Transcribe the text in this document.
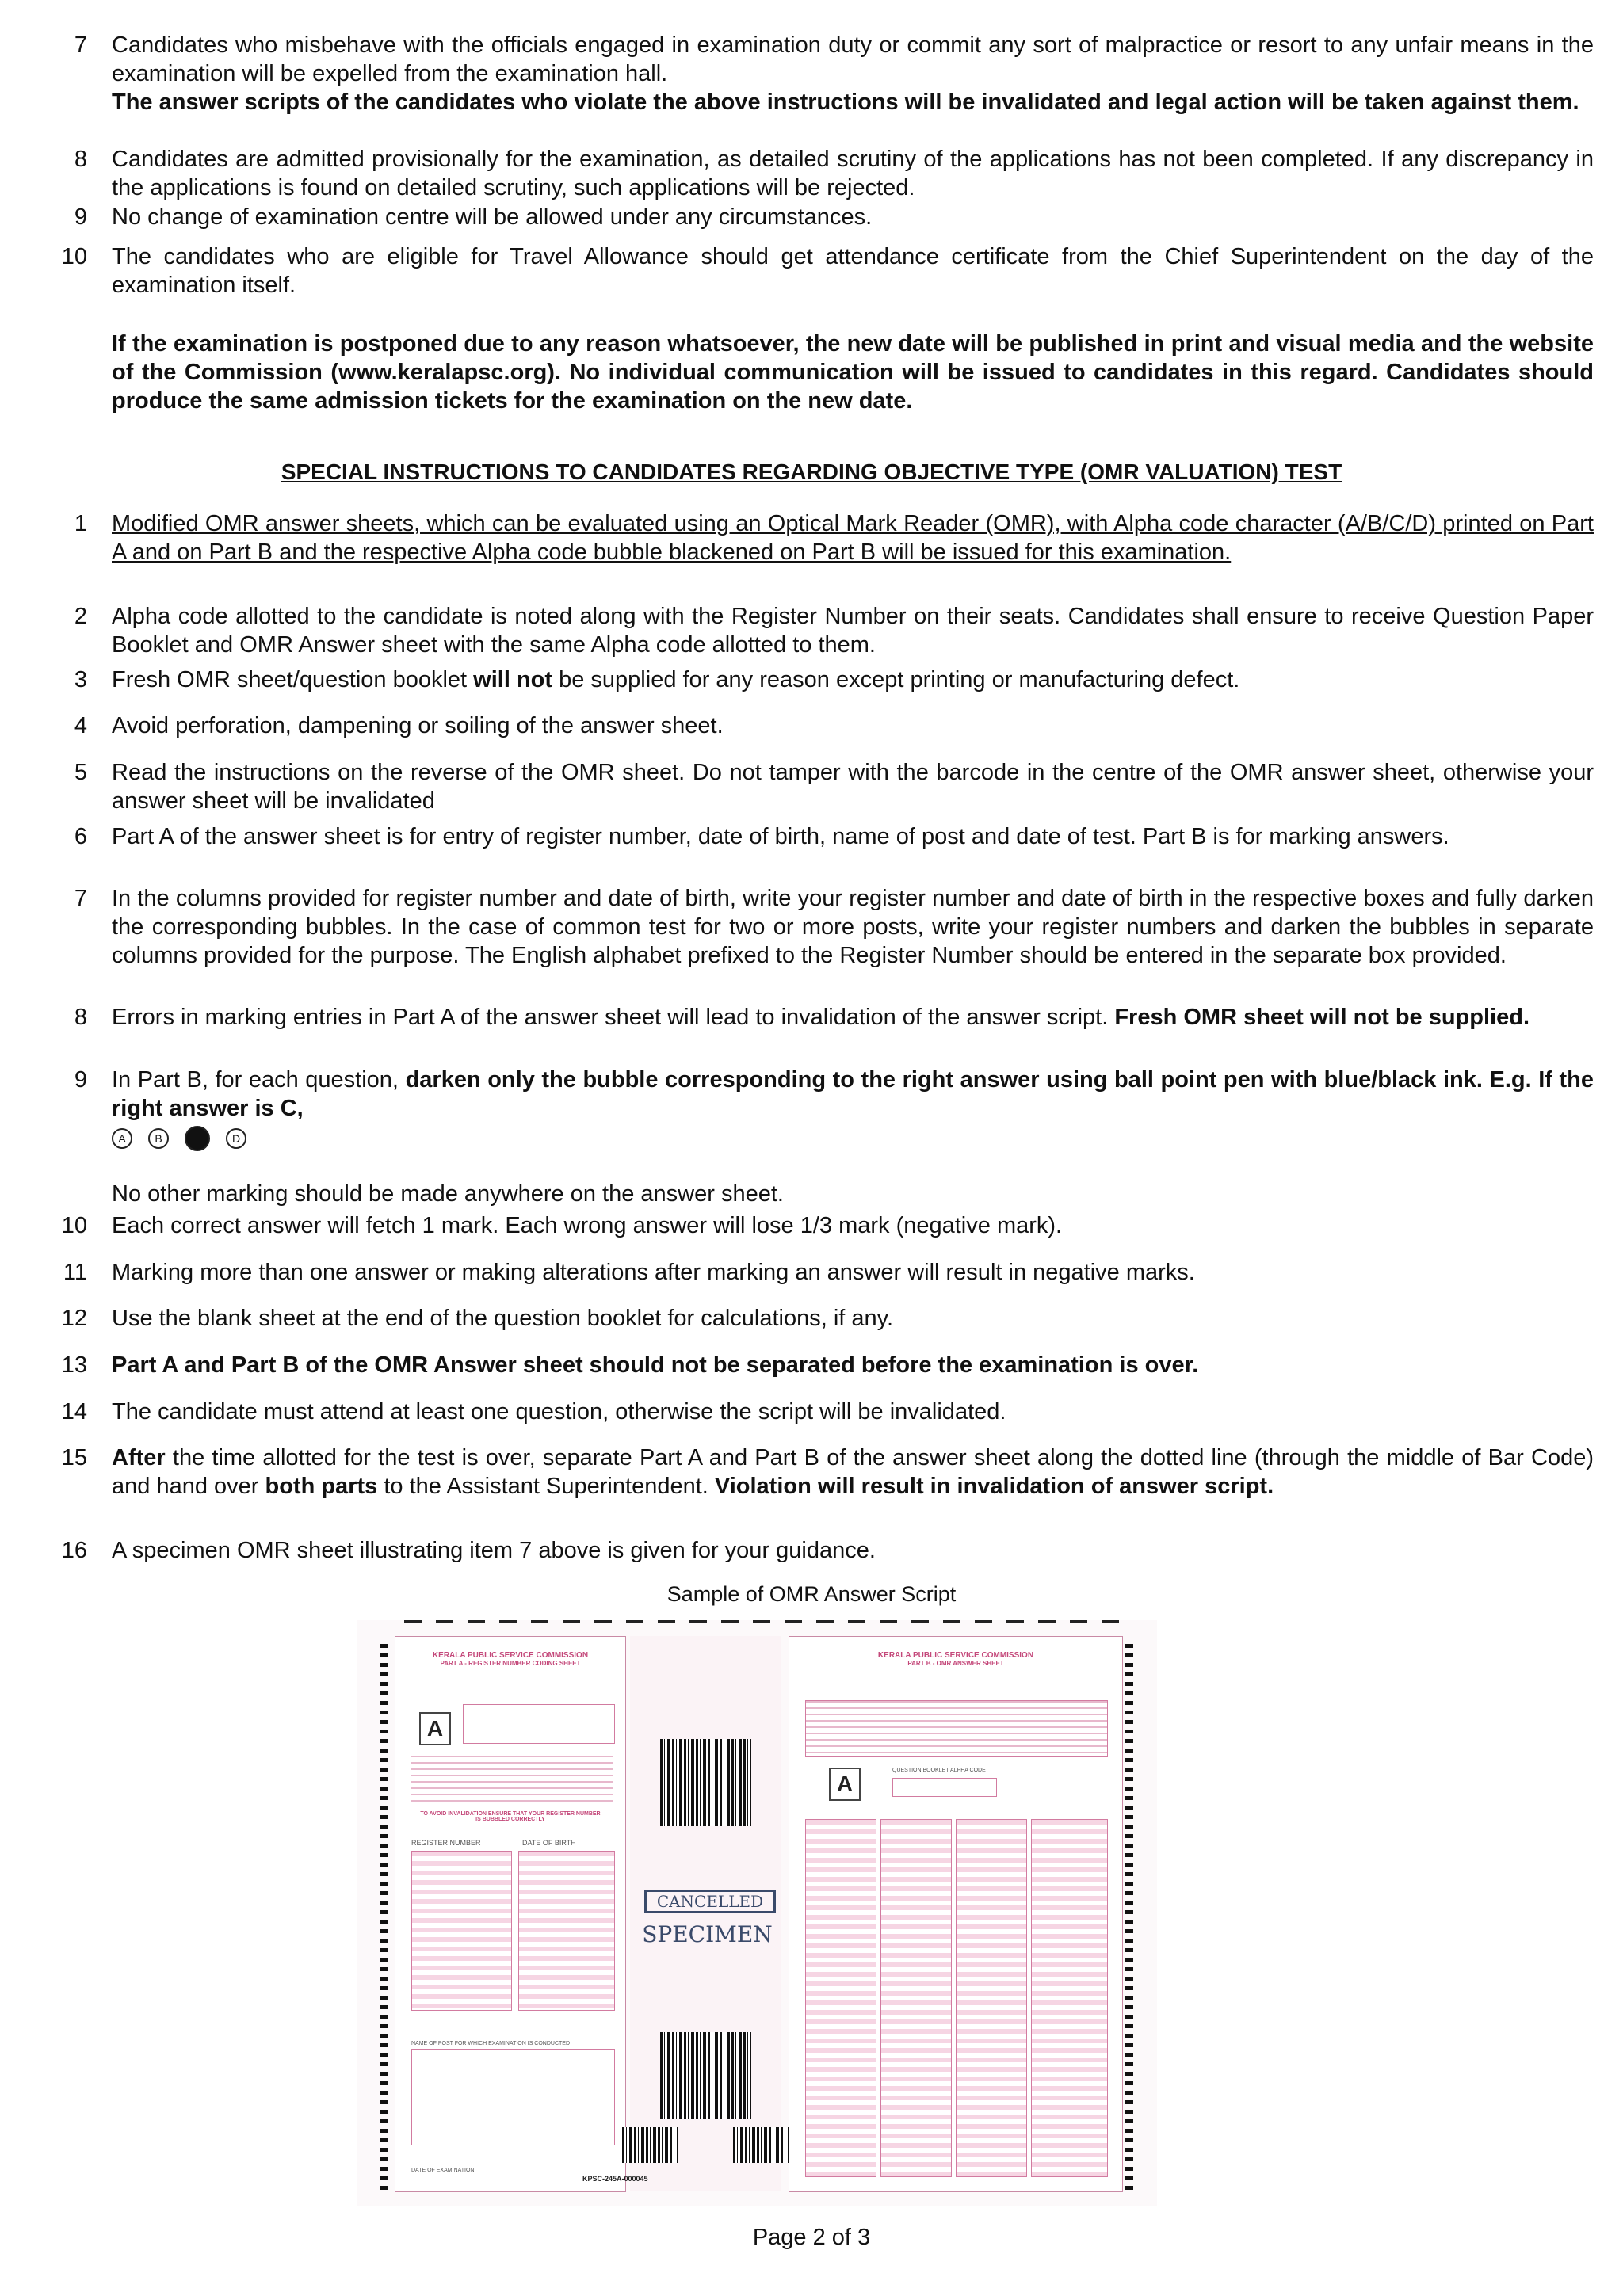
7 Candidates who misbehave with the officials engaged in examination duty or commit any sort of malpractice or resort to any unfair means in the examination will be expelled from the examination hall.

The answer scripts of the candidates who violate the above instructions will be invalidated and legal action will be taken against them.

8 Candidates are admitted provisionally for the examination, as detailed scrutiny of the applications has not been completed. If any discrepancy in the applications is found on detailed scrutiny, such applications will be rejected.

9 No change of examination centre will be allowed under any circumstances.

10 The candidates who are eligible for Travel Allowance should get attendance certificate from the Chief Superintendent on the day of the examination itself.

If the examination is postponed due to any reason whatsoever, the new date will be published in print and visual media and the website of the Commission (www.keralapsc.org). No individual communication will be issued to candidates in this regard. Candidates should produce the same admission tickets for the examination on the new date.

SPECIAL INSTRUCTIONS TO CANDIDATES REGARDING OBJECTIVE TYPE (OMR VALUATION) TEST
1 Modified OMR answer sheets, which can be evaluated using an Optical Mark Reader (OMR), with Alpha code character (A/B/C/D) printed on Part A and on Part B and the respective Alpha code bubble blackened on Part B will be issued for this examination.

2 Alpha code allotted to the candidate is noted along with the Register Number on their seats. Candidates shall ensure to receive Question Paper Booklet and OMR Answer sheet with the same Alpha code allotted to them.

3 Fresh OMR sheet/question booklet will not be supplied for any reason except printing or manufacturing defect.

4 Avoid perforation, dampening or soiling of the answer sheet.

5 Read the instructions on the reverse of the OMR sheet. Do not tamper with the barcode in the centre of the OMR answer sheet, otherwise your answer sheet will be invalidated

6 Part A of the answer sheet is for entry of register number, date of birth, name of post and date of test. Part B is for marking answers.

7 In the columns provided for register number and date of birth, write your register number and date of birth in the respective boxes and fully darken the corresponding bubbles. In the case of common test for two or more posts, write your register numbers and darken the bubbles in separate columns provided for the purpose. The English alphabet prefixed to the Register Number should be entered in the separate box provided.

8 Errors in marking entries in Part A of the answer sheet will lead to invalidation of the answer script. Fresh OMR sheet will not be supplied.

9 In Part B, for each question, darken only the bubble corresponding to the right answer using ball point pen with blue/black ink. E.g. If the right answer is C,

A	B	D

No other marking should be made anywhere on the answer sheet.

10 Each correct answer will fetch 1 mark. Each wrong answer will lose 1/3 mark (negative mark).

11 Marking more than one answer or making alterations after marking an answer will result in negative marks.

12 Use the blank sheet at the end of the question booklet for calculations, if any.

13 Part A and Part B of the OMR Answer sheet should not be separated before the examination is over.

14 The candidate must attend at least one question, otherwise the script will be invalidated.

15 After the time allotted for the test is over, separate Part A and Part B of the answer sheet along the dotted line (through the middle of Bar Code) and hand over both parts to the Assistant Superintendent. Violation will result in invalidation of answer script.

16 A specimen OMR sheet illustrating item 7 above is given for your guidance.

Sample of OMR Answer Script
KERALA PUBLIC SERVICE COMMISSION
PART A - REGISTER NUMBER CODING SHEET
A
TO AVOID INVALIDATION ENSURE THAT YOUR REGISTER NUMBER IS BUBBLED CORRECTLY
REGISTER NUMBER	DATE OF BIRTH
NAME OF POST FOR WHICH EXAMINATION IS CONDUCTED
DATE OF EXAMINATION
CANCELLED
SPECIMEN
KPSC-245A-000045
KERALA PUBLIC SERVICE COMMISSION
PART B - OMR ANSWER SHEET
A
QUESTION BOOKLET ALPHA CODE
Page 2 of 3
